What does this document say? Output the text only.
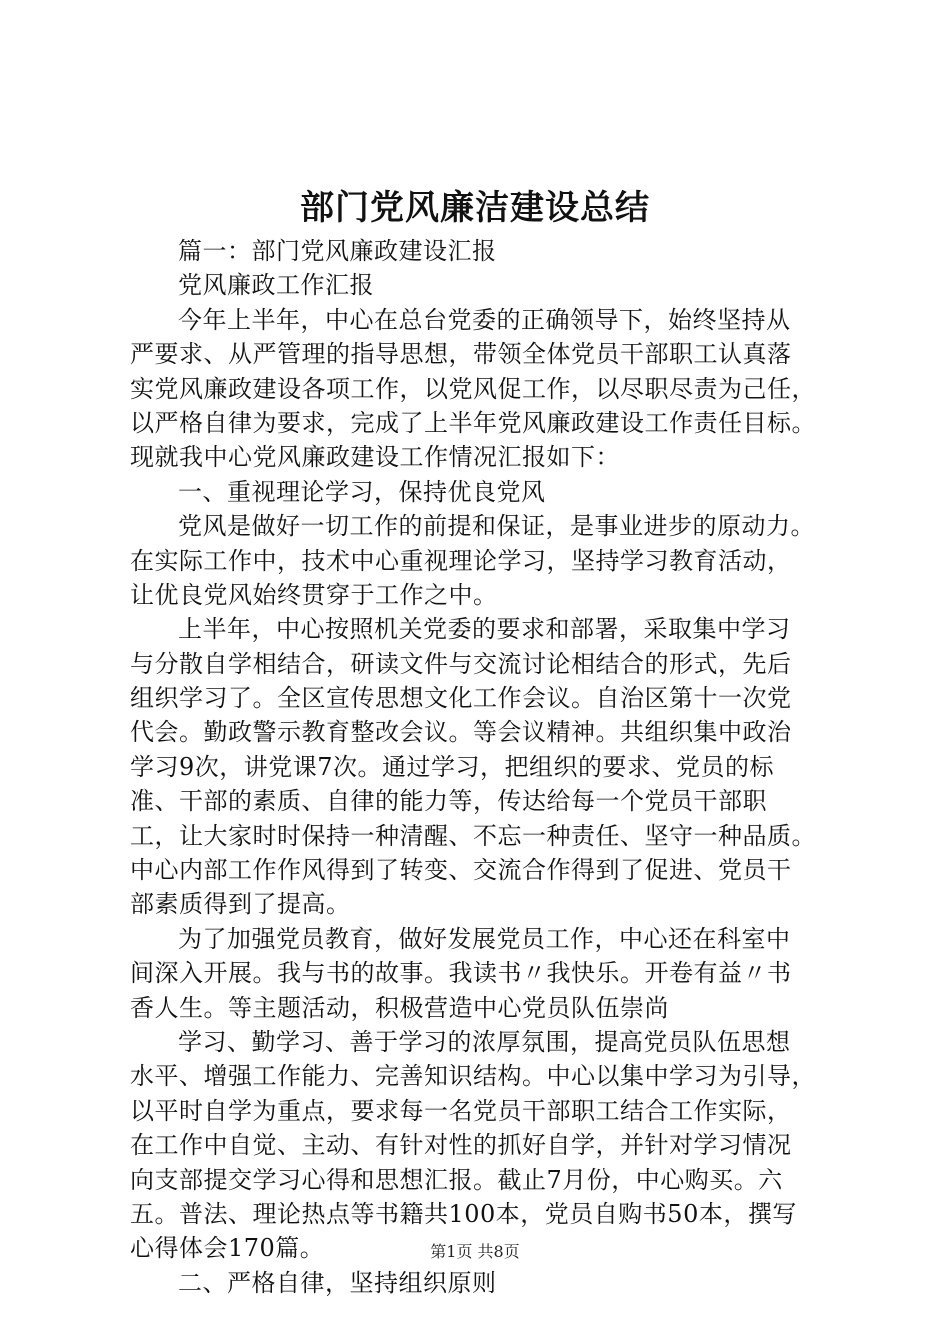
部门党风廉洁建设总结
篇一：部门党风廉政建设汇报
党风廉政工作汇报
今年上半年，中心在总台党委的正确领导下，始终坚持从
严要求、从严管理的指导思想，带领全体党员干部职工认真落
实党风廉政建设各项工作，以党风促工作，以尽职尽责为己任，
以严格自律为要求，完成了上半年党风廉政建设工作责任目标。
现就我中心党风廉政建设工作情况汇报如下：
一、重视理论学习，保持优良党风
党风是做好一切工作的前提和保证，是事业进步的原动力。
在实际工作中，技术中心重视理论学习，坚持学习教育活动，
让优良党风始终贯穿于工作之中。
上半年，中心按照机关党委的要求和部署，采取集中学习
与分散自学相结合，研读文件与交流讨论相结合的形式，先后
组织学习了。全区宣传思想文化工作会议。自治区第十一次党
代会。勤政警示教育整改会议。等会议精神。共组织集中政治
学习9次，讲党课7次。通过学习，把组织的要求、党员的标
准、干部的素质、自律的能力等，传达给每一个党员干部职
工，让大家时时保持一种清醒、不忘一种责任、坚守一种品质。
中心内部工作作风得到了转变、交流合作得到了促进、党员干
部素质得到了提高。
为了加强党员教育，做好发展党员工作，中心还在科室中
间深入开展。我与书的故事。我读书〃我快乐。开卷有益〃书
香人生。等主题活动，积极营造中心党员队伍崇尚
学习、勤学习、善于学习的浓厚氛围，提高党员队伍思想
水平、增强工作能力、完善知识结构。中心以集中学习为引导，
以平时自学为重点，要求每一名党员干部职工结合工作实际，
在工作中自觉、主动、有针对性的抓好自学，并针对学习情况
向支部提交学习心得和思想汇报。截止7月份，中心购买。六
五。普法、理论热点等书籍共100本，党员自购书50本，撰写
心得体会170篇。
二、严格自律，坚持组织原则
第1页 共8页
